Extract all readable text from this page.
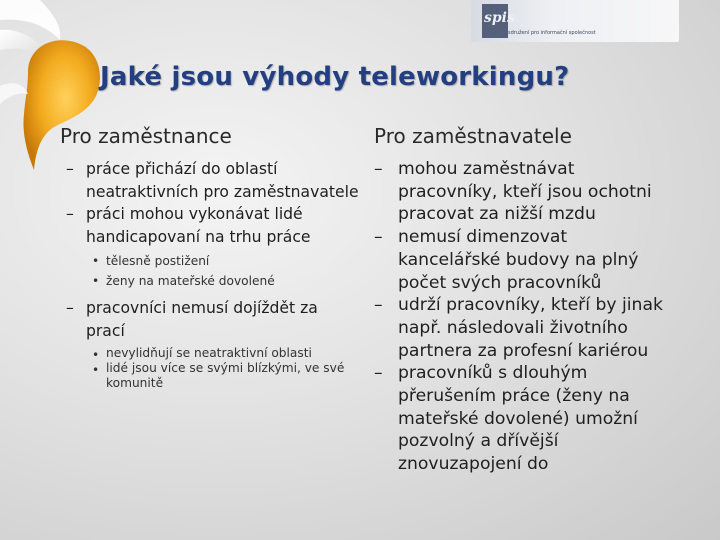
spis
sdružení pro informační společnost
Jaké jsou výhody teleworkingu?
Pro zaměstnance
– práce přichází do oblastí neatraktivních pro zaměstnavatele
– práci mohou vykonávat lidé handicapovaní na trhu práce
• tělesně postižení
• ženy na mateřské dovolené
– pracovníci nemusí dojíždět za prací
• nevylidňují se neatraktivní oblasti
• lidé jsou více se svými blízkými, ve své komunitě
Pro zaměstnavatele
– mohou zaměstnávat pracovníky, kteří jsou ochotni pracovat za nižší mzdu
– nemusí dimenzovat kancelářské budovy na plný počet svých pracovníků
– udrží pracovníky, kteří by jinak např. následovali životního partnera za profesní kariérou
– pracovníků s dlouhým přerušením práce (ženy na mateřské dovolené) umožní pozvolný a dřívější znovuzapojení do
